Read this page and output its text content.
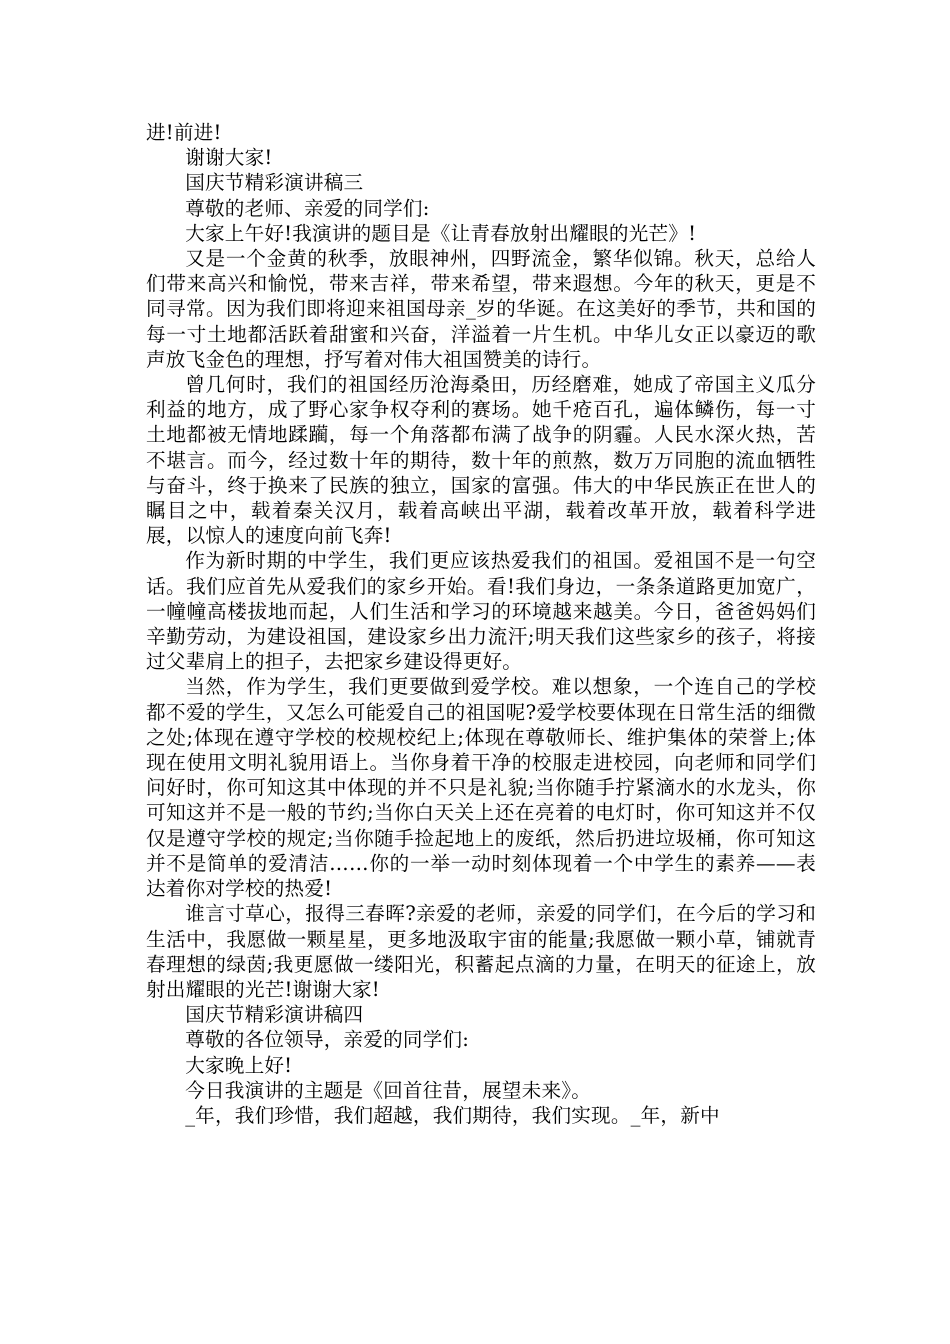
进!前进!

谢谢大家!

国庆节精彩演讲稿三

尊敬的老师、亲爱的同学们:

大家上午好!我演讲的题目是《让青春放射出耀眼的光芒》!

又是一个金黄的秋季，放眼神州，四野流金，繁华似锦。秋天，总给人们带来高兴和愉悦，带来吉祥，带来希望，带来遐想。今年的秋天，更是不同寻常。因为我们即将迎来祖国母亲_岁的华诞。在这美好的季节，共和国的每一寸土地都活跃着甜蜜和兴奋，洋溢着一片生机。中华儿女正以豪迈的歌声放飞金色的理想，抒写着对伟大祖国赞美的诗行。

曾几何时，我们的祖国经历沧海桑田，历经磨难，她成了帝国主义瓜分利益的地方，成了野心家争权夺利的赛场。她千疮百孔，遍体鳞伤，每一寸土地都被无情地蹂躏，每一个角落都布满了战争的阴霾。人民水深火热，苦不堪言。而今，经过数十年的期待，数十年的煎熬，数万万同胞的流血牺牲与奋斗，终于换来了民族的独立，国家的富强。伟大的中华民族正在世人的瞩目之中，载着秦关汉月，载着高峡出平湖，载着改革开放，载着科学进展，以惊人的速度向前飞奔!

作为新时期的中学生，我们更应该热爱我们的祖国。爱祖国不是一句空话。我们应首先从爱我们的家乡开始。看!我们身边，一条条道路更加宽广，一幢幢高楼拔地而起，人们生活和学习的环境越来越美。今日，爸爸妈妈们辛勤劳动，为建设祖国，建设家乡出力流汗;明天我们这些家乡的孩子，将接过父辈肩上的担子，去把家乡建设得更好。

当然，作为学生，我们更要做到爱学校。难以想象，一个连自己的学校都不爱的学生，又怎么可能爱自己的祖国呢?爱学校要体现在日常生活的细微之处;体现在遵守学校的校规校纪上;体现在尊敬师长、维护集体的荣誉上;体现在使用文明礼貌用语上。当你身着干净的校服走进校园，向老师和同学们问好时，你可知这其中体现的并不只是礼貌;当你随手拧紧滴水的水龙头，你可知这并不是一般的节约;当你白天关上还在亮着的电灯时，你可知这并不仅仅是遵守学校的规定;当你随手捡起地上的废纸，然后扔进垃圾桶，你可知这并不是简单的爱清洁……你的一举一动时刻体现着一个中学生的素养——表达着你对学校的热爱!

谁言寸草心，报得三春晖?亲爱的老师，亲爱的同学们，在今后的学习和生活中，我愿做一颗星星，更多地汲取宇宙的能量;我愿做一颗小草，铺就青春理想的绿茵;我更愿做一缕阳光，积蓄起点滴的力量，在明天的征途上，放射出耀眼的光芒!谢谢大家!

国庆节精彩演讲稿四

尊敬的各位领导，亲爱的同学们:

大家晚上好!

今日我演讲的主题是《回首往昔，展望未来》。

_年，我们珍惜，我们超越，我们期待，我们实现。_年，新中
